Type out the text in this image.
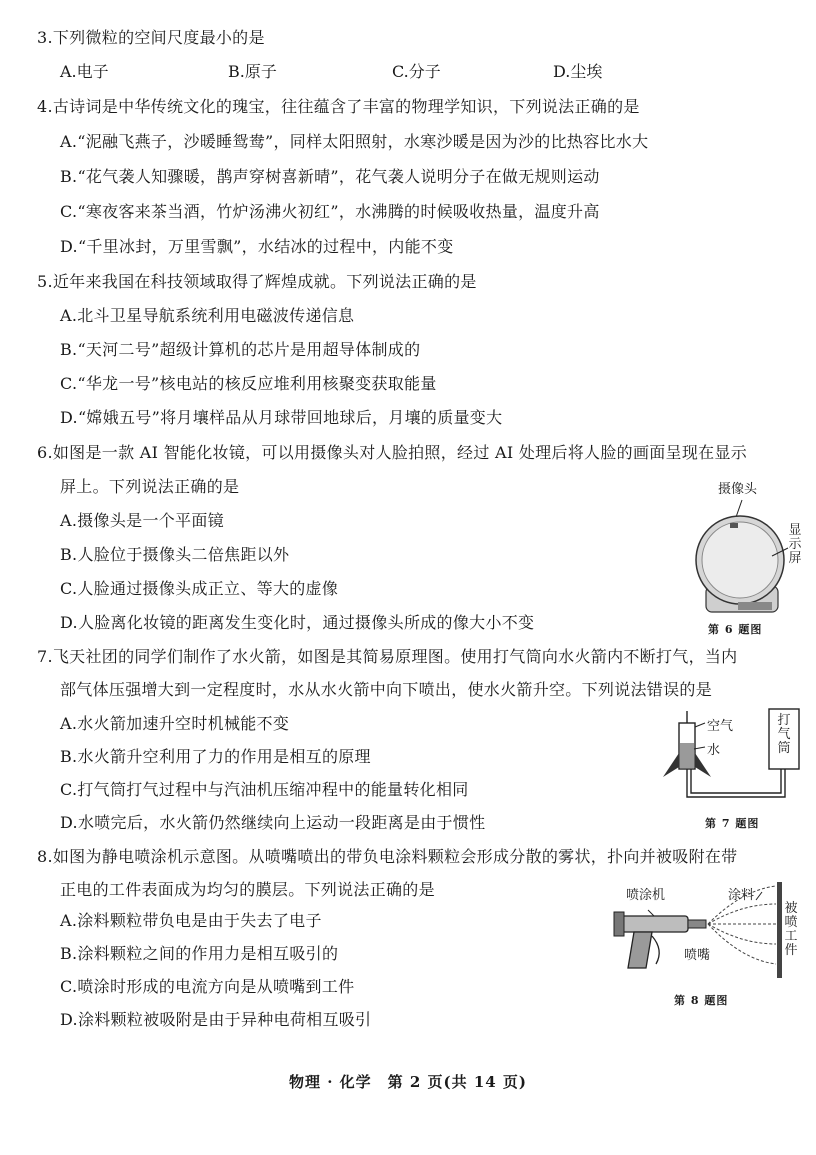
3.下列微粒的空间尺度最小的是
A.电子	B.原子	C.分子	D.尘埃
4.古诗词是中华传统文化的瑰宝，往往蕴含了丰富的物理学知识，下列说法正确的是
A.“泥融飞燕子，沙暖睡鸳鸯”，同样太阳照射，水寒沙暖是因为沙的比热容比水大
B.“花气袭人知骤暖，鹊声穿树喜新晴”，花气袭人说明分子在做无规则运动
C.“寒夜客来茶当酒，竹炉汤沸火初红”，水沸腾的时候吸收热量，温度升高
D.“千里冰封，万里雪飘”，水结冰的过程中，内能不变
5.近年来我国在科技领域取得了辉煌成就。下列说法正确的是
A.北斗卫星导航系统利用电磁波传递信息
B.“天河二号”超级计算机的芯片是用超导体制成的
C.“华龙一号”核电站的核反应堆利用核聚变获取能量
D.“嫦娥五号”将月壤样品从月球带回地球后，月壤的质量变大
6.如图是一款 AI 智能化妆镜，可以用摄像头对人脸拍照，经过 AI 处理后将人脸的画面呈现在显示
屏上。下列说法正确的是
A.摄像头是一个平面镜
B.人脸位于摄像头二倍焦距以外
C.人脸通过摄像头成正立、等大的虚像
D.人脸离化妆镜的距离发生变化时，通过摄像头所成的像大小不变
摄像头
显示屏
第 6 题图
7.飞天社团的同学们制作了水火箭，如图是其简易原理图。使用打气筒向水火箭内不断打气，当内
部气体压强增大到一定程度时，水从水火箭中向下喷出，使水火箭升空。下列说法错误的是
A.水火箭加速升空时机械能不变
B.水火箭升空利用了力的作用是相互的原理
C.打气筒打气过程中与汽油机压缩冲程中的能量转化相同
D.水喷完后，水火箭仍然继续向上运动一段距离是由于惯性
空气
水
打气筒
第 7 题图
8.如图为静电喷涂机示意图。从喷嘴喷出的带负电涂料颗粒会形成分散的雾状，扑向并被吸附在带
正电的工件表面成为均匀的膜层。下列说法正确的是
A.涂料颗粒带负电是由于失去了电子
B.涂料颗粒之间的作用力是相互吸引的
C.喷涂时形成的电流方向是从喷嘴到工件
D.涂料颗粒被吸附是由于异种电荷相互吸引
喷涂机	涂料
喷嘴
被喷工件
第 8 题图
物理 · 化学　第 2 页(共 14 页)
